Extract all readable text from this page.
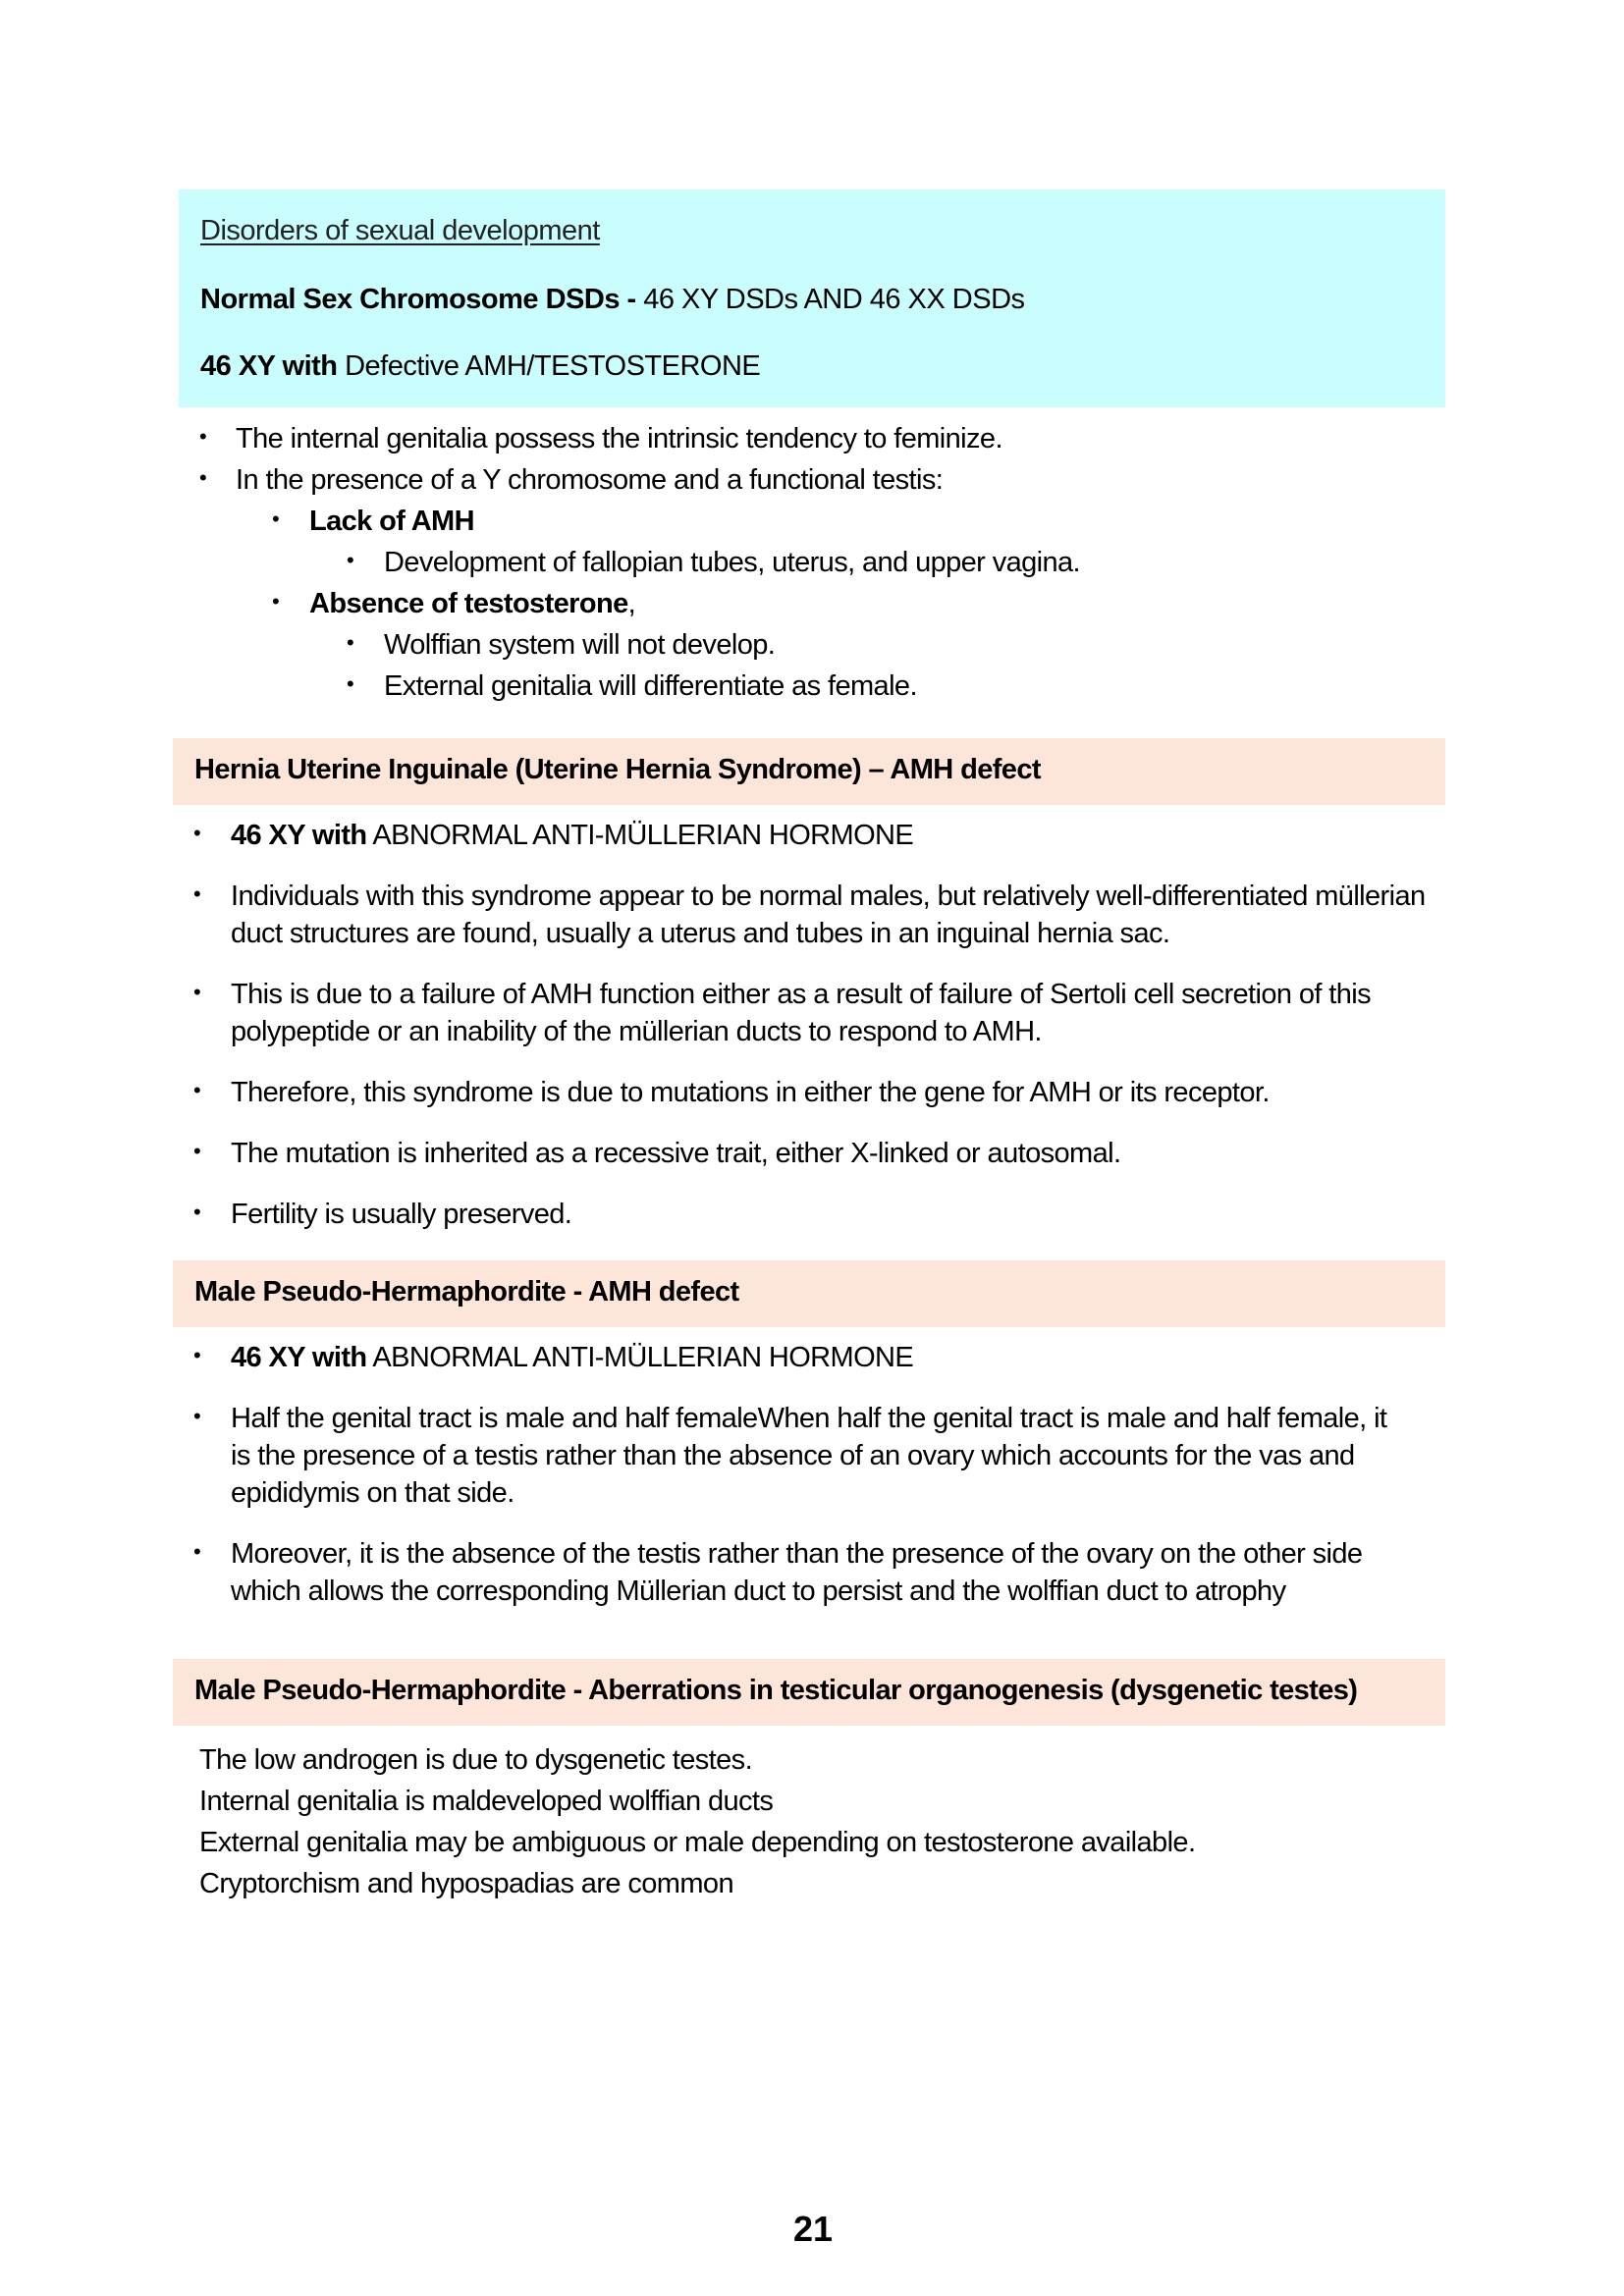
Disorders of sexual development
Normal Sex Chromosome DSDs - 46 XY DSDs AND 46 XX DSDs
46 XY with Defective AMH/TESTOSTERONE
• The internal genitalia possess the intrinsic tendency to feminize.
• In the presence of a Y chromosome and a functional testis:
• Lack of AMH
• Development of fallopian tubes, uterus, and upper vagina.
• Absence of testosterone,
• Wolffian system will not develop.
• External genitalia will differentiate as female.
Hernia Uterine Inguinale (Uterine Hernia Syndrome) – AMH defect
• 46 XY with ABNORMAL ANTI-MÜLLERIAN HORMONE
• Individuals with this syndrome appear to be normal males, but relatively well-differentiated müllerian duct structures are found, usually a uterus and tubes in an inguinal hernia sac.
• This is due to a failure of AMH function either as a result of failure of Sertoli cell secretion of this polypeptide or an inability of the müllerian ducts to respond to AMH.
• Therefore, this syndrome is due to mutations in either the gene for AMH or its receptor.
• The mutation is inherited as a recessive trait, either X-linked or autosomal.
• Fertility is usually preserved.
Male Pseudo-Hermaphordite - AMH defect
• 46 XY with ABNORMAL ANTI-MÜLLERIAN HORMONE
• Half the genital tract is male and half femaleWhen half the genital tract is male and half female, it is the presence of a testis rather than the absence of an ovary which accounts for the vas and epididymis on that side.
• Moreover, it is the absence of the testis rather than the presence of the ovary on the other side which allows the corresponding Müllerian duct to persist and the wolffian duct to atrophy
Male Pseudo-Hermaphordite - Aberrations in testicular organogenesis (dysgenetic testes)
The low androgen is due to dysgenetic testes.
Internal genitalia is maldeveloped wolffian ducts
External genitalia may be ambiguous or male depending on testosterone available.
Cryptorchism and hypospadias are common
21
